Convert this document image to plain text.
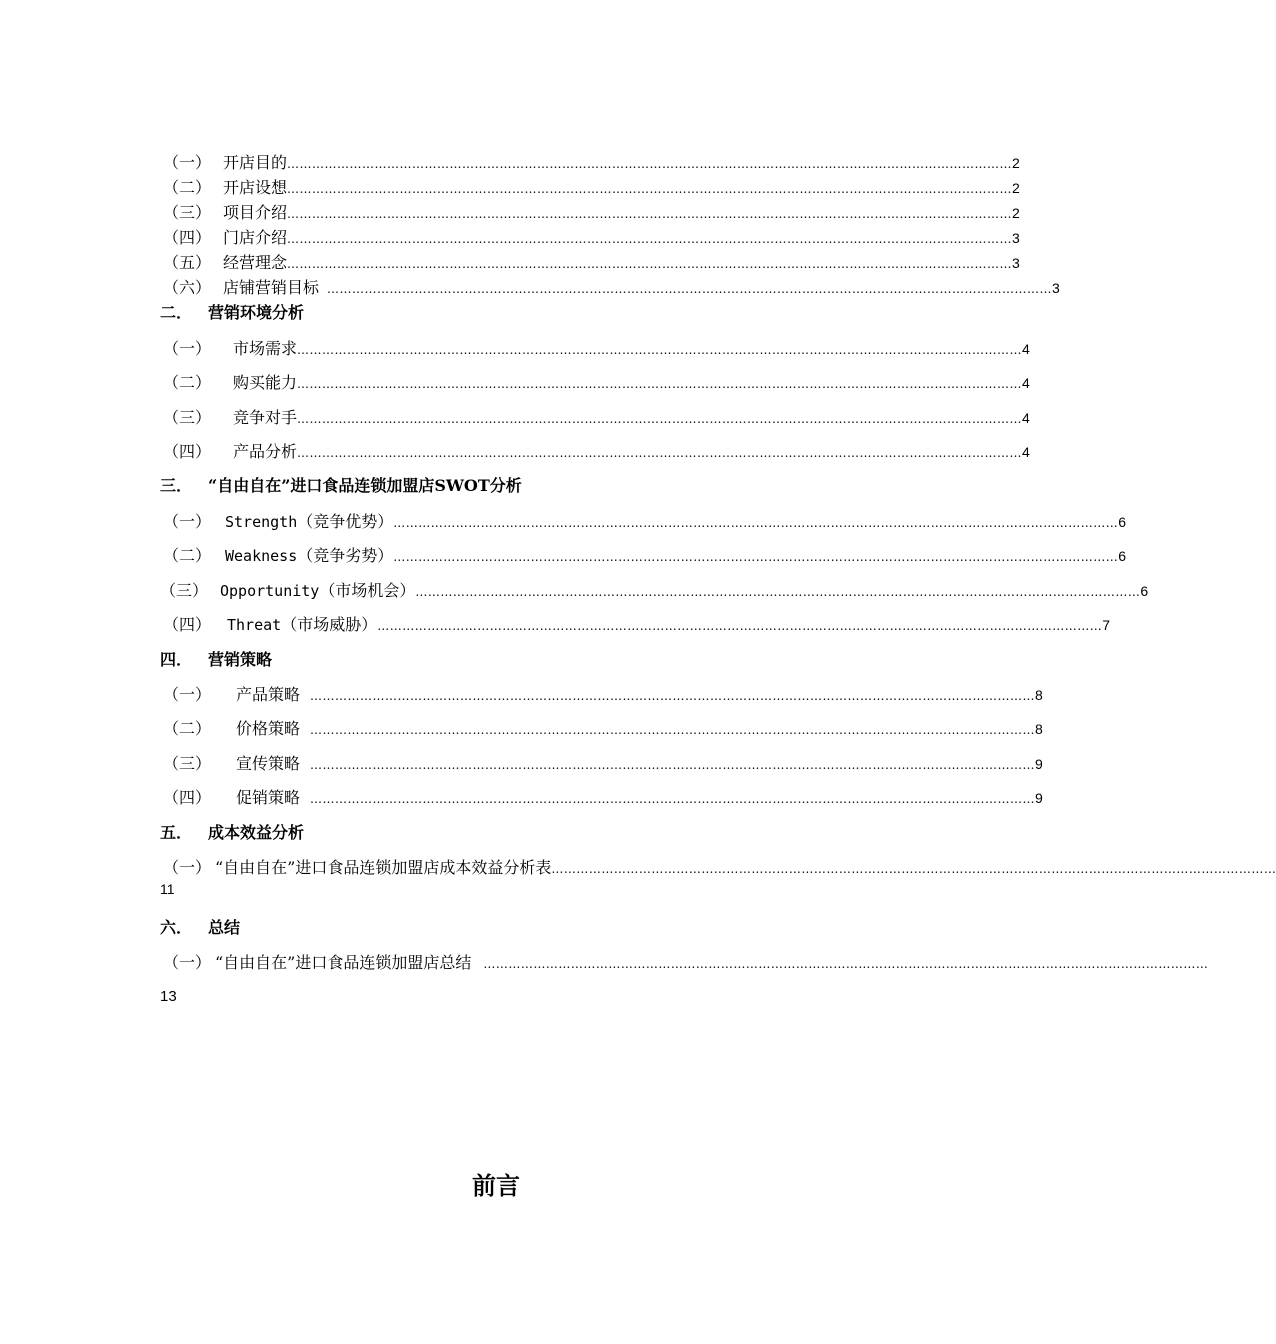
（一） 开店目的 ………………………………………………………………………………………………………………………………………………………… 2
（二） 开店设想 ………………………………………………………………………………………………………………………………………………………… 2
（三） 项目介绍 ………………………………………………………………………………………………………………………………………………………… 2
（四） 门店介绍 ………………………………………………………………………………………………………………………………………………………… 3
（五） 经营理念 ………………………………………………………………………………………………………………………………………………………… 3
（六） 店铺营销目标 ………………………………………………………………………………………………………………………………………………………… 3
二． 营销环境分析
（一）	市场需求 ………………………………………………………………………………………………………………………………………………………… 4
（二）	购买能力 ………………………………………………………………………………………………………………………………………………………… 4
（三）	竞争对手 ………………………………………………………………………………………………………………………………………………………… 4
（四）	产品分析 ………………………………………………………………………………………………………………………………………………………… 4
三． “自由自在”进口食品连锁加盟店SWOT分析
（一） Strength （竞争优势） ………………………………………………………………………………………………………………………………………………………… 6
（二） Weakness （竞争劣势） ………………………………………………………………………………………………………………………………………………………… 6
（三） Opportunity （市场机会） ………………………………………………………………………………………………………………………………………………………… 6
（四）	Threat （市场威胁） ………………………………………………………………………………………………………………………………………………………… 7
四． 营销策略
（一）	产品策略 ………………………………………………………………………………………………………………………………………………………… 8
（二）	价格策略 ………………………………………………………………………………………………………………………………………………………… 8
（三）	宣传策略 ………………………………………………………………………………………………………………………………………………………… 9
（四）	促销策略 ………………………………………………………………………………………………………………………………………………………… 9
五． 成本效益分析
（一） “自由自在”进口食品连锁加盟店成本效益分析表 …………………………………………………………………………………………………………………………………………………………
11
六． 总结
（一） “自由自在”进口食品连锁加盟店总结 …………………………………………………………………………………………………………………………………………………………
13
前言
